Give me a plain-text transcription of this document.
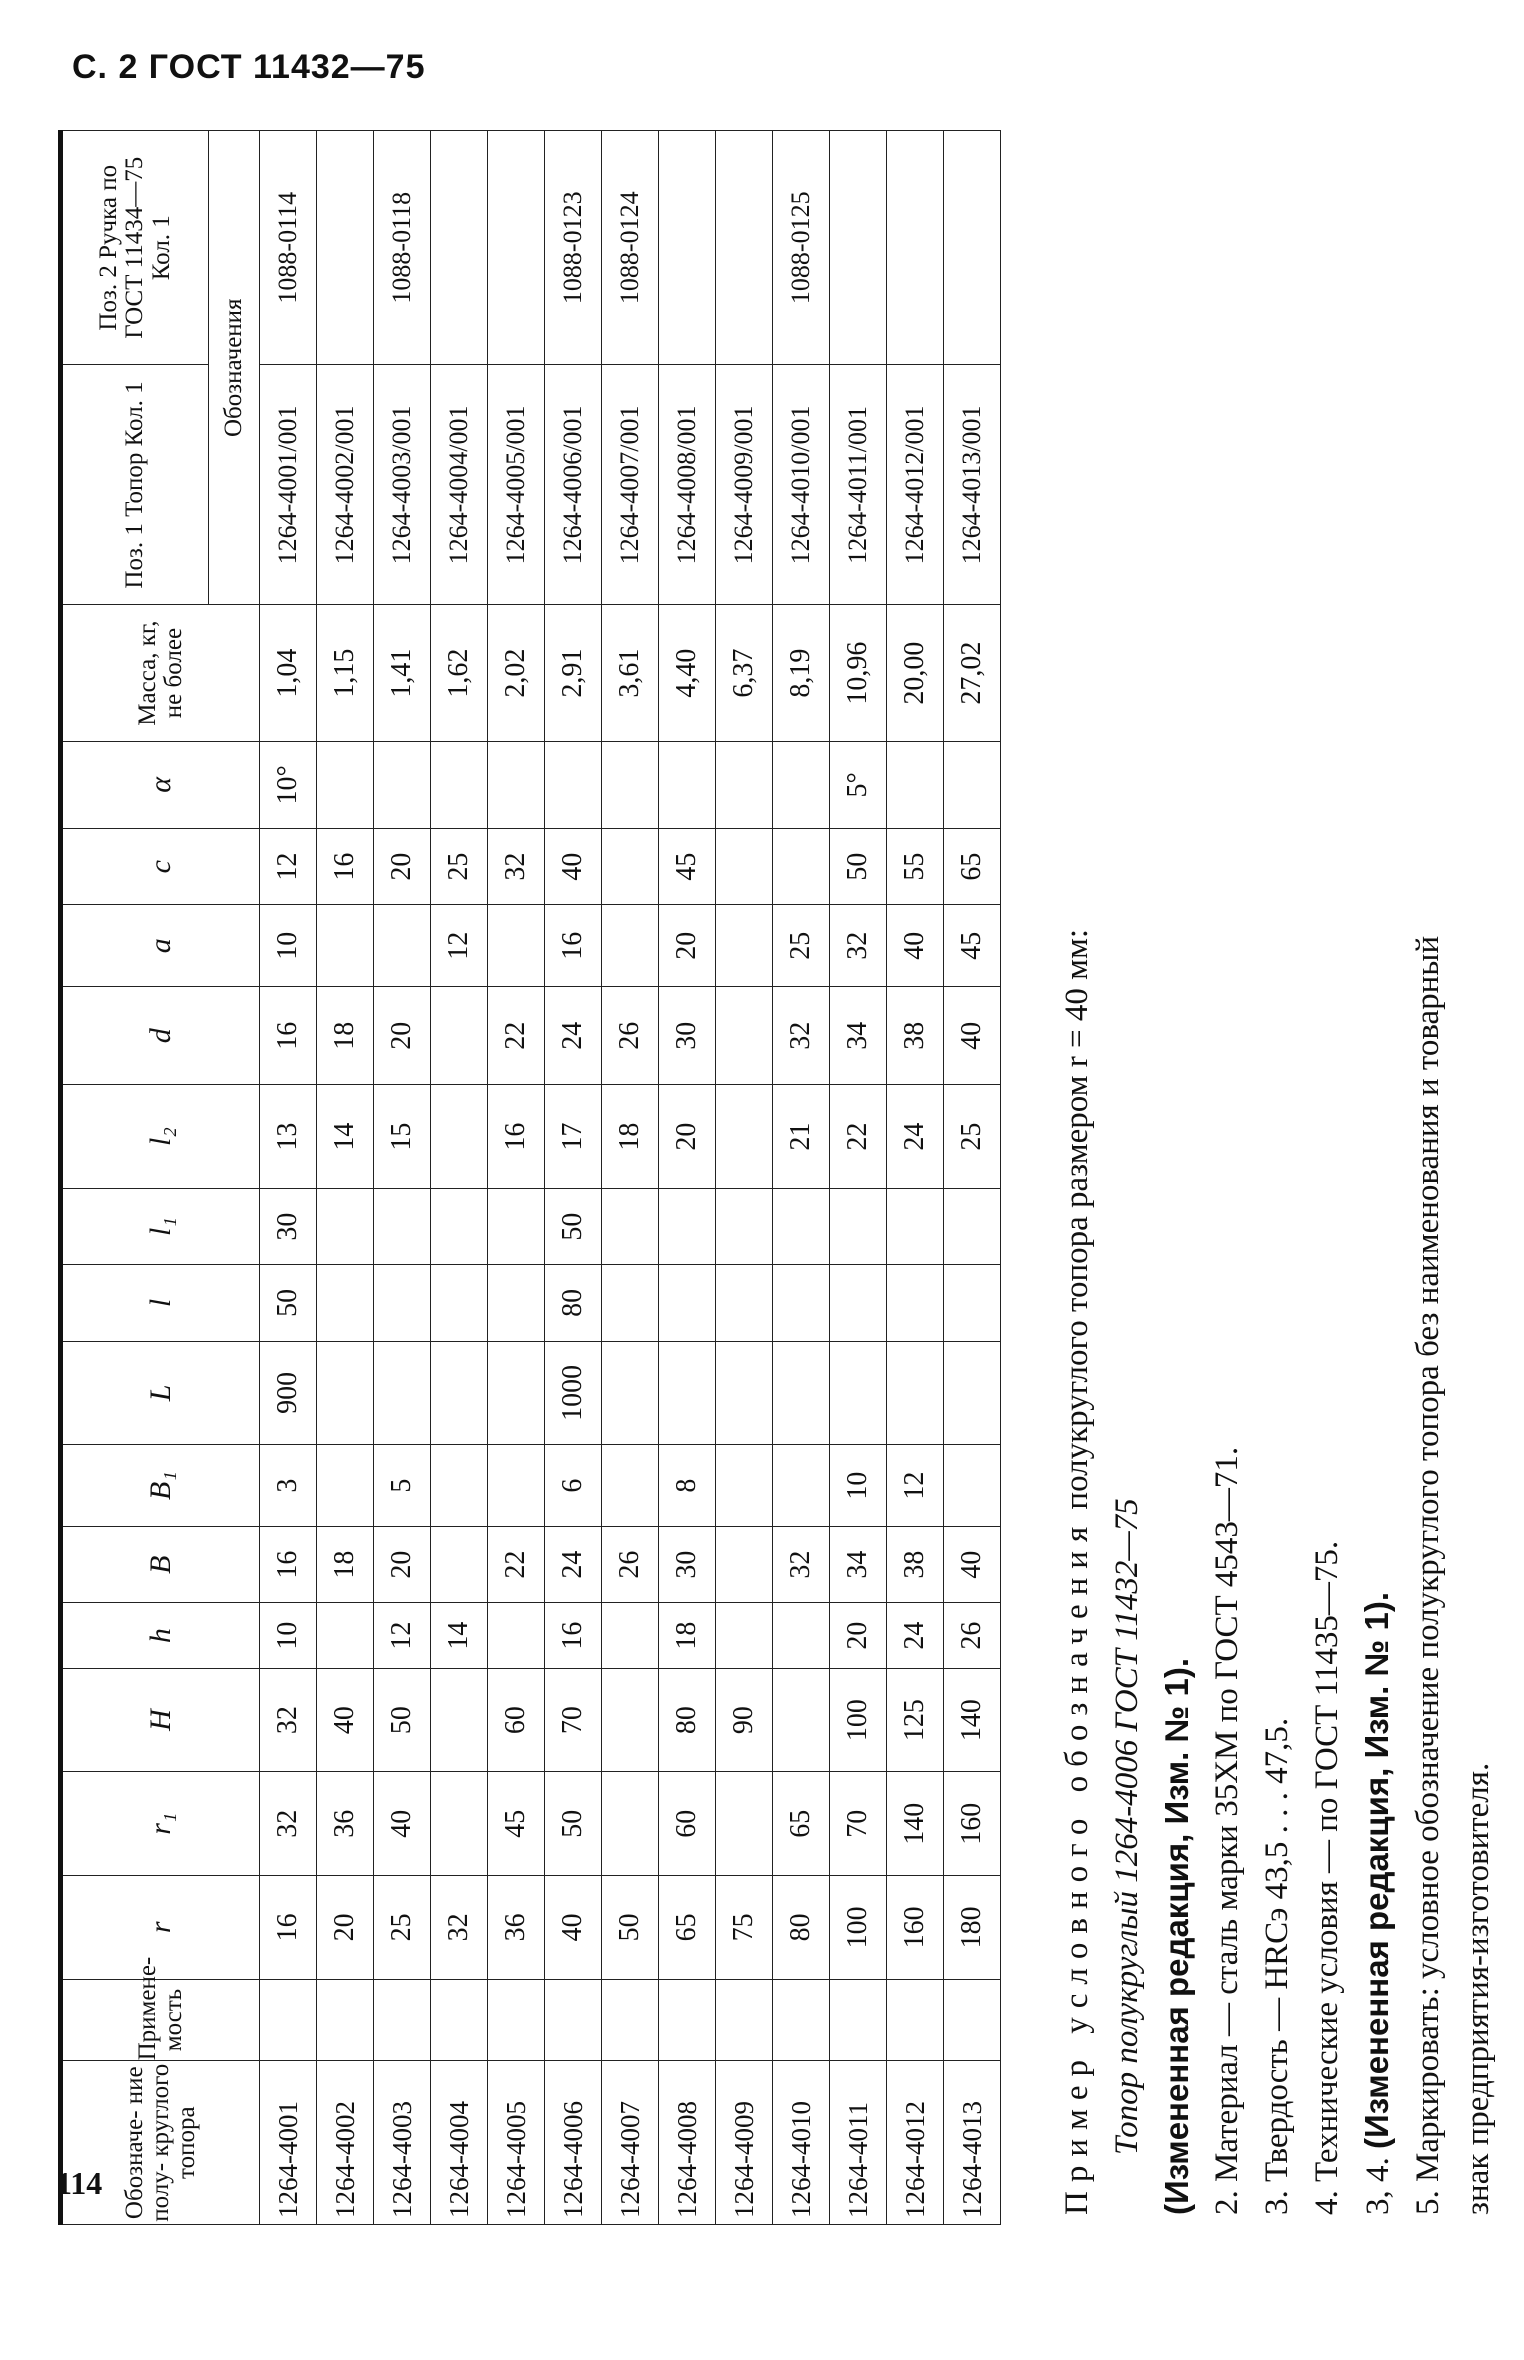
С. 2 ГОСТ 11432—75
114 Обозначе- ние полу- круглого топора	Примене- мость	r	r₁	H	h	B	B₁	L	l	l₁	l₂	d	a	c	α	Масса, кг, не более	Поз. 1 Топор Кол. 1	Поз. 2 Ручка по ГОСТ 11434—75 Кол. 1
																	Обозначения	
1264-4001		16	32	32	10	16	3	900	50	30	13	16	10	12	10°	1,04	1264-4001/001	1088-0114
1264-4002		20	36	40		18					14	18		16		1,15	1264-4002/001	
1264-4003		25	40	50	12	20	5				15	20		20		1,41	1264-4003/001	1088-0118
1264-4004		32			14								12	25		1,62	1264-4004/001	
1264-4005		36	45	60		22					16	22		32		2,02	1264-4005/001	
1264-4006		40	50	70	16	24	6	1000	80	50	17	24	16	40		2,91	1264-4006/001	1088-0123
1264-4007		50				26					18	26				3,61	1264-4007/001	1088-0124
1264-4008		65	60	80	18	30	8				20	30	20	45		4,40	1264-4008/001	
1264-4009		75		90												6,37	1264-4009/001	
1264-4010		80	65			32					21	32	25			8,19	1264-4010/001	1088-0125
1264-4011		100	70	100	20	34	10				22	34	32	50	5°	10,96	1264-4011/001	
1264-4012		160	140	125	24	38	12				24	38	40	55		20,00	1264-4012/001	
1264-4013		180	160	140	26	40					25	40	45	65		27,02	1264-4013/001	

Пример условного обозначения полукруглого топора размером r = 40 мм:

Топор полукруглый 1264-4006 ГОСТ 11432—75 (Измененная редакция, Изм. № 1). 2. Материал — сталь марки 35ХМ по ГОСТ 4543—71. 3. Твердость — HRCэ 43,5 . . . 47,5. 4. Технические условия — по ГОСТ 11435—75. 3, 4. (Измененная редакция, Изм. № 1). 5. Маркировать: условное обозначение полукруглого топора без наименования и товарный знак предприятия-изготовителя.
